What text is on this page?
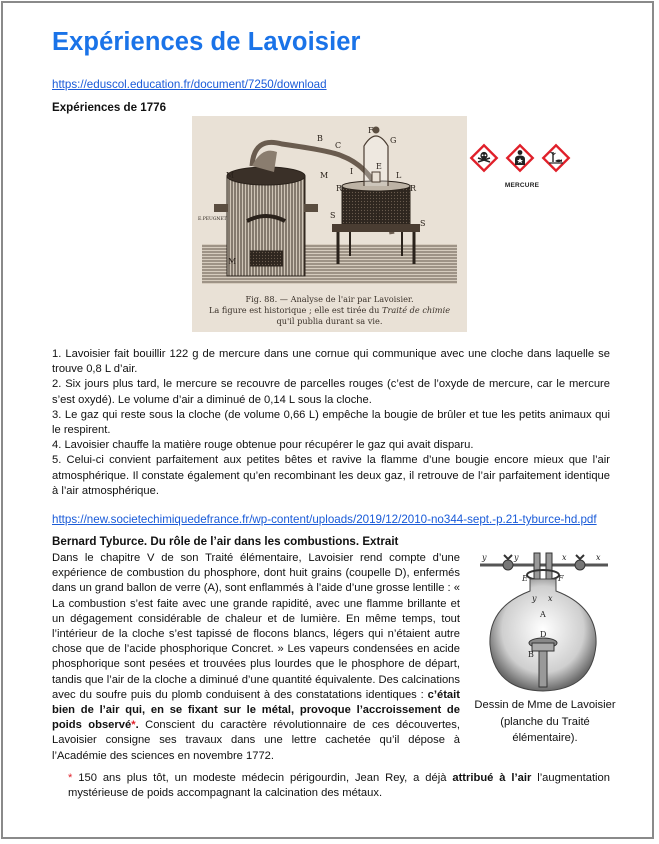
Expériences de Lavoisier
https://eduscol.education.fr/document/7250/download
Expériences de 1776
B
C
F
G
M	M	I
E
L
R	R
S
S
D
M
E.PEUGNET
Fig. 88. — Analyse de l'air par Lavoisier.
La figure est historique ; elle est tirée du Traité de chimie
qu'il publia durant sa vie.
MERCURE

1. Lavoisier fait bouillir 122 g de mercure dans une cornue qui communique avec une cloche dans laquelle se trouve 0,8 L d’air.

2. Six jours plus tard, le mercure se recouvre de parcelles rouges (c’est de l’oxyde de mercure, car le mercure s’est oxydé). Le volume d’air a diminué de 0,14 L sous la cloche.

3. Le gaz qui reste sous la cloche (de volume 0,66 L) empêche la bougie de brûler et tue les petits animaux qui le respirent.

4. Lavoisier chauffe la matière rouge obtenue pour récupérer le gaz qui avait disparu.

5. Celui-ci convient parfaitement aux petites bêtes et ravive la flamme d’une bougie encore mieux que l’air atmosphérique. Il constate également qu’en recombinant les deux gaz, il retrouve de l’air parfaitement identique à l’air atmosphérique.

https://new.societechimiquedefrance.fr/wp-content/uploads/2019/12/2010-no344-sept.-p.21-tyburce-hd.pdf
Bernard Tyburce. Du rôle de l’air dans les combustions. Extrait

Dans le chapitre V de son Traité élémentaire, Lavoisier rend compte d’une expérience de combustion du phosphore, dont huit grains (coupelle D), enfermés dans un grand ballon de verre (A), sont enflammés à l’aide d’une grosse lentille : « La combustion s’est faite avec une grande rapidité, avec une flamme brillante et un dégagement considérable de chaleur et de lumière. En même temps, tout l’intérieur de la cloche s’est tapissé de flocons blancs, légers qui n’étaient autre chose que de l’acide phosphorique Concret. » Les vapeurs condensées en acide phosphorique sont pesées et trouvées plus lourdes que le phosphore de départ, tandis que l’air de la cloche a diminué d’une quantité équivalente. Des calcinations avec du soufre puis du plomb conduisent à des constatations identiques : c’était bien de l’air qui, en se fixant sur le métal, provoque l’accroissement de poids observé*. Conscient du caractère révolutionnaire de ces découvertes, Lavoisier consigne ses travaux dans une lettre cachetée qu’il dépose à l’Académie des sciences en novembre 1772.

y	y	x	x
E	F
y x
A
D
B
Dessin de Mme de Lavoisier (planche du Traité élémentaire).

* 150 ans plus tôt, un modeste médecin périgourdin, Jean Rey, a déjà attribué à l’air l’augmentation mystérieuse de poids accompagnant la calcination des métaux.
